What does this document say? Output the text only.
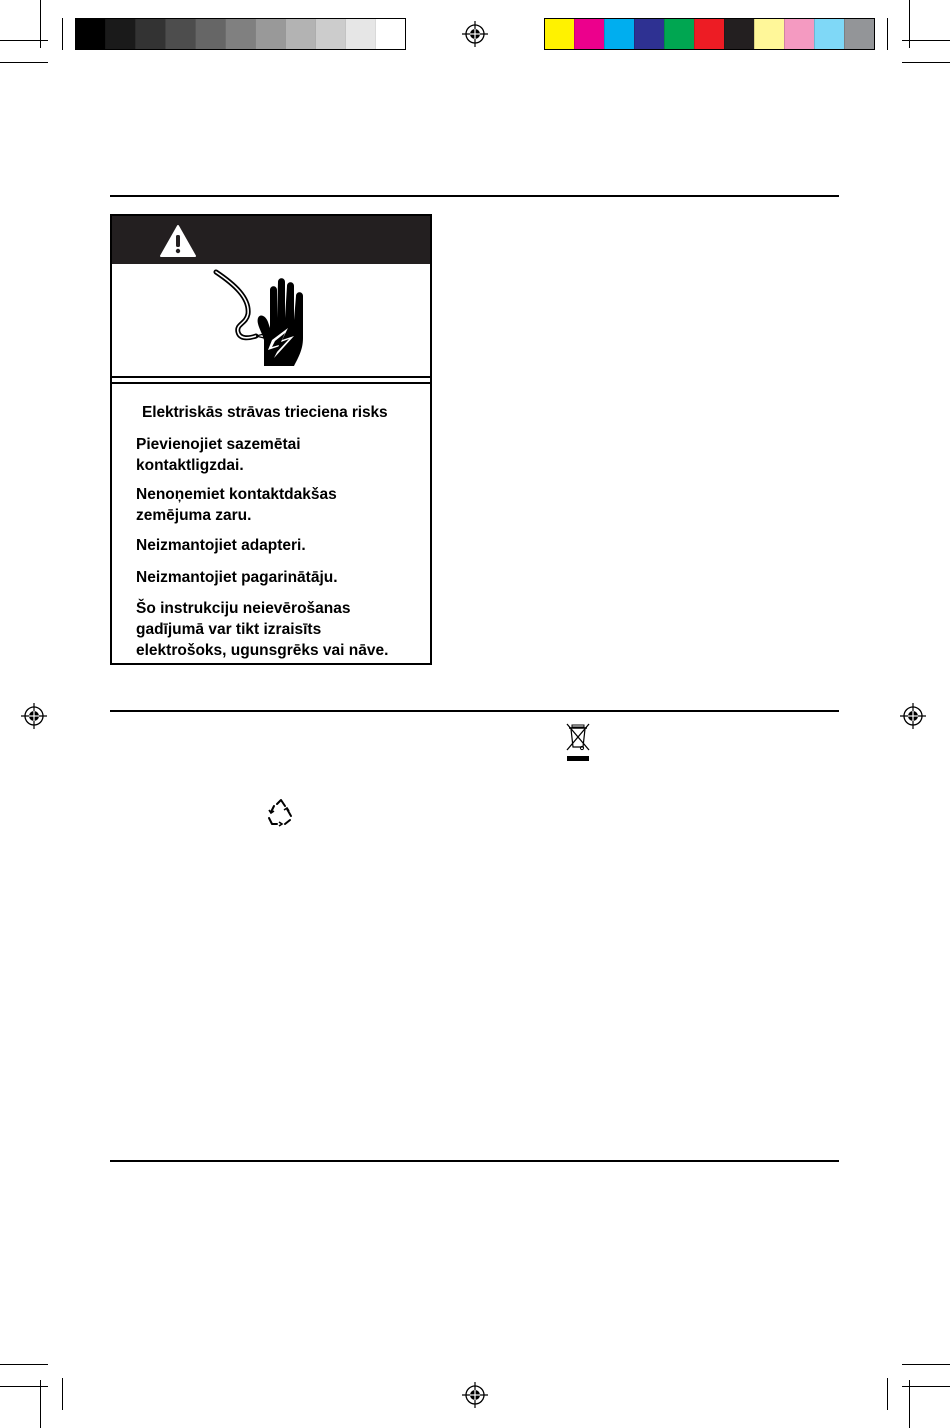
Elektriskās strāvas trieciena risks
Pievienojiet sazemētai
kontaktligzdai.
Nenoņemiet kontaktdakšas
zemējuma zaru.
Neizmantojiet adapteri.
Neizmantojiet pagarinātāju.
Šo instrukciju neievērošanas
gadījumā var tikt izraisīts
elektrošoks, ugunsgrēks vai nāve.
